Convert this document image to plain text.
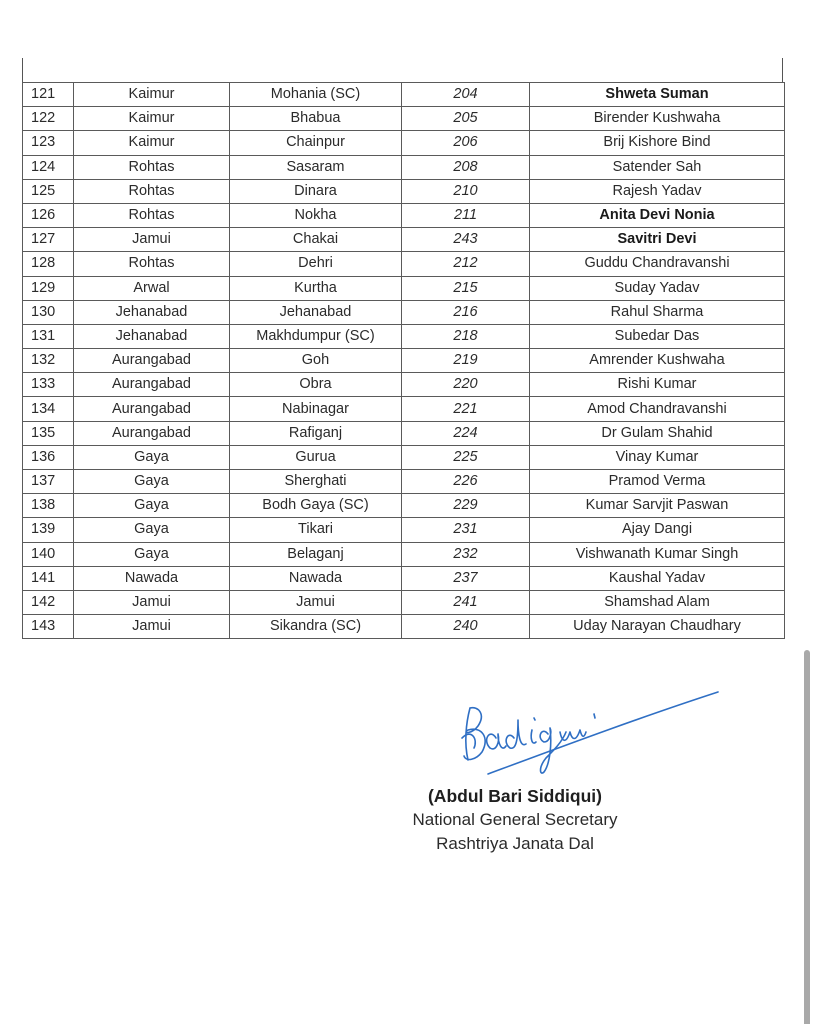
121	Kaimur	Mohania (SC)	204	Shweta Suman
122	Kaimur	Bhabua	205	Birender Kushwaha
123	Kaimur	Chainpur	206	Brij Kishore Bind
124	Rohtas	Sasaram	208	Satender Sah
125	Rohtas	Dinara	210	Rajesh Yadav
126	Rohtas	Nokha	211	Anita Devi Nonia
127	Jamui	Chakai	243	Savitri Devi
128	Rohtas	Dehri	212	Guddu Chandravanshi
129	Arwal	Kurtha	215	Suday Yadav
130	Jehanabad	Jehanabad	216	Rahul Sharma
131	Jehanabad	Makhdumpur (SC)	218	Subedar Das
132	Aurangabad	Goh	219	Amrender Kushwaha
133	Aurangabad	Obra	220	Rishi Kumar
134	Aurangabad	Nabinagar	221	Amod Chandravanshi
135	Aurangabad	Rafiganj	224	Dr Gulam Shahid
136	Gaya	Gurua	225	Vinay Kumar
137	Gaya	Sherghati	226	Pramod Verma
138	Gaya	Bodh Gaya (SC)	229	Kumar Sarvjit Paswan
139	Gaya	Tikari	231	Ajay Dangi
140	Gaya	Belaganj	232	Vishwanath Kumar Singh
141	Nawada	Nawada	237	Kaushal Yadav
142	Jamui	Jamui	241	Shamshad Alam
143	Jamui	Sikandra (SC)	240	Uday Narayan Chaudhary
(Abdul Bari Siddiqui)
National General Secretary
Rashtriya Janata Dal
